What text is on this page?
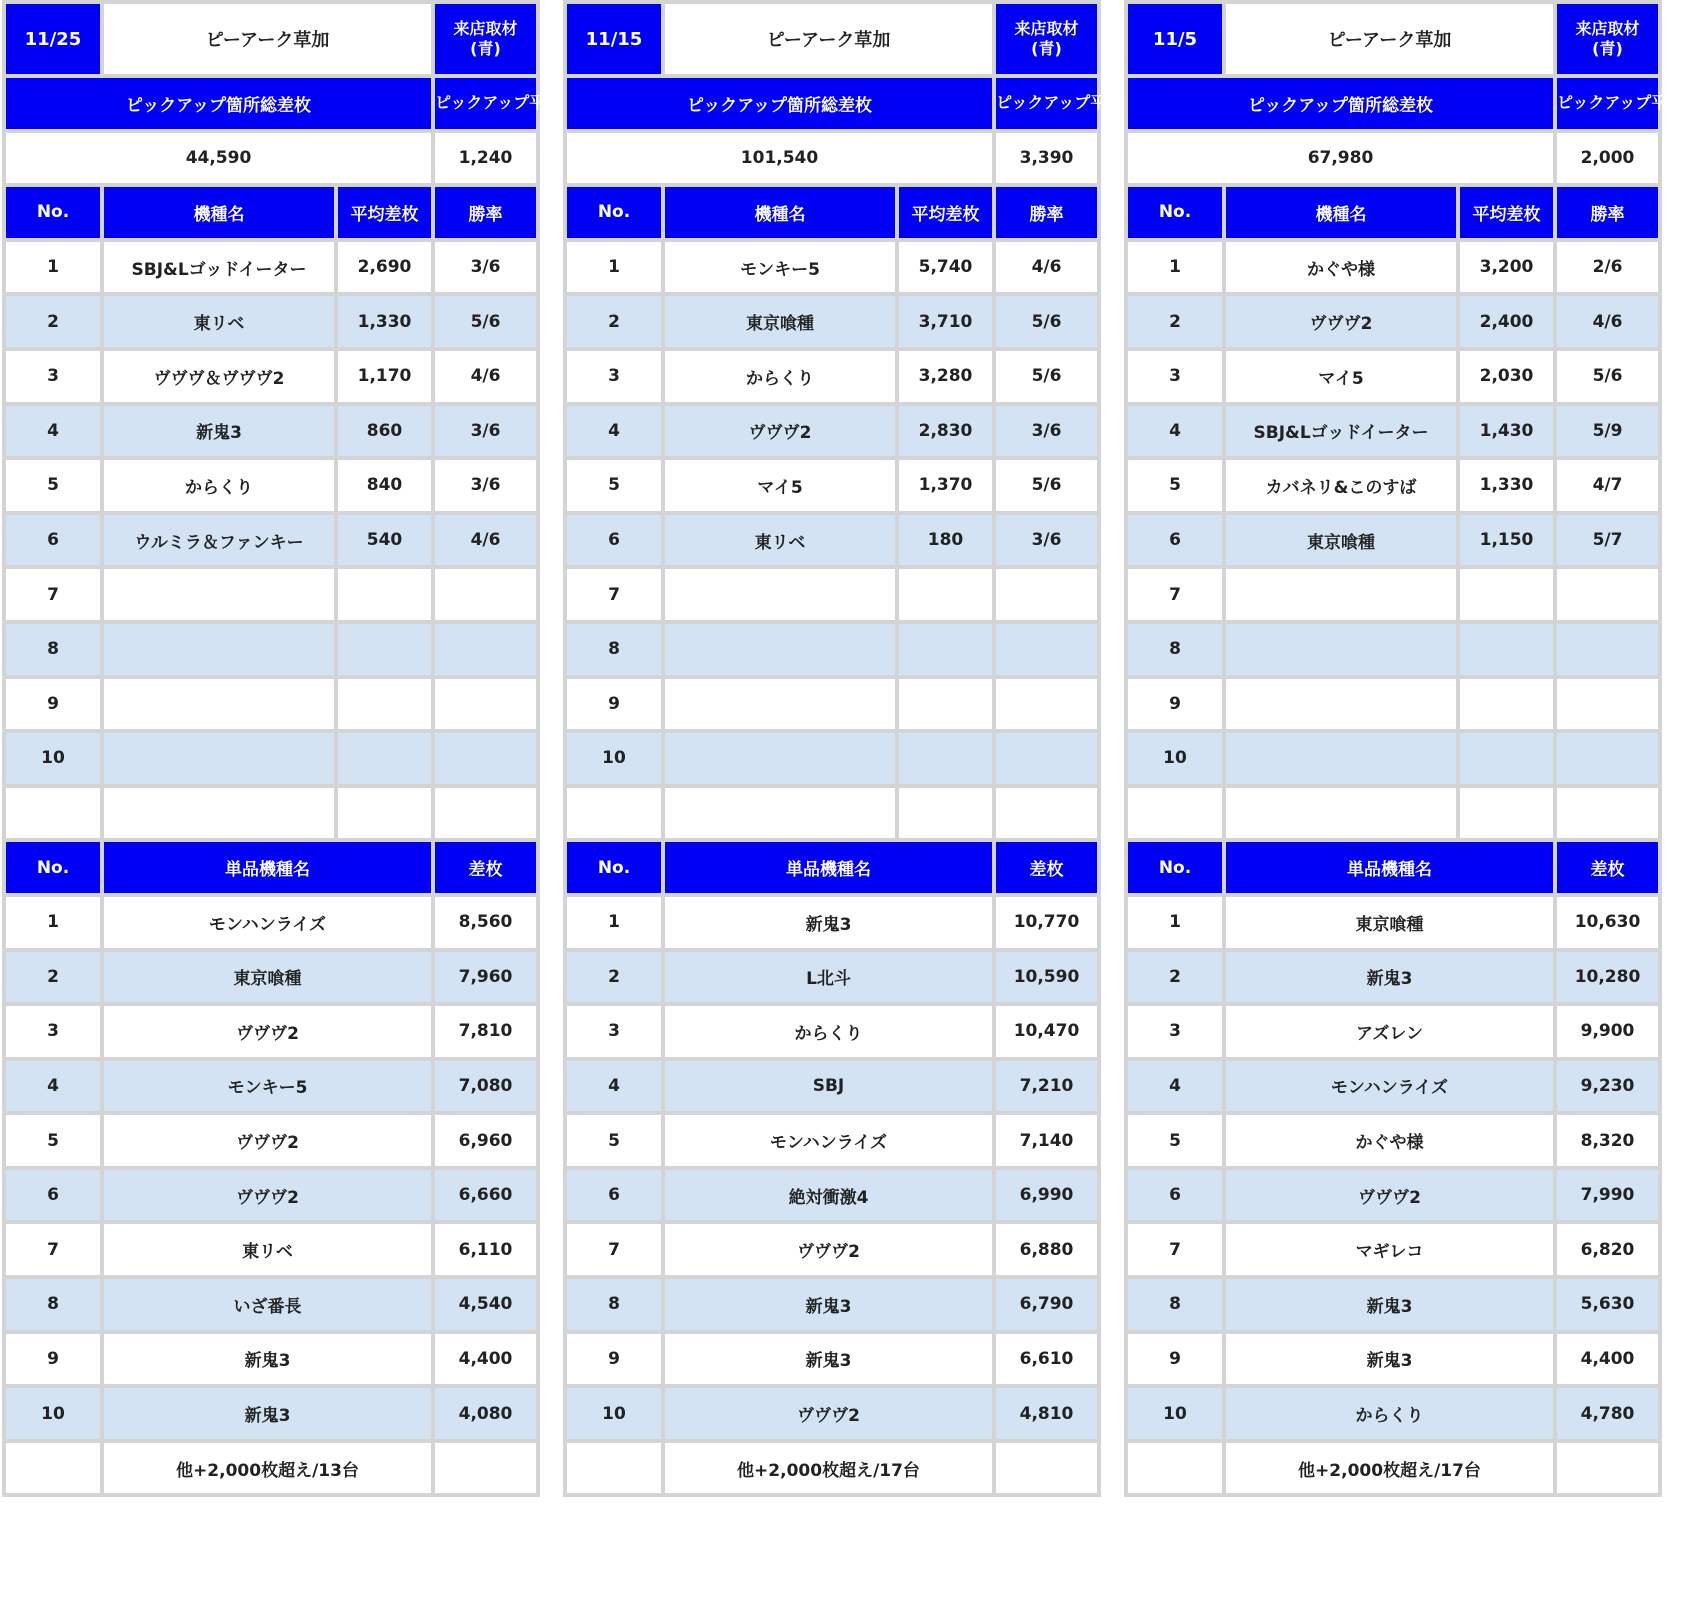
11/25	ピーアーク草加		来店取材
(青)
ピックアップ箇所総差枚			ピックアップ平均
44,590			1,240
No.	機種名	平均差枚	勝率
1	SBJ&Lゴッドイーター	2,690	3/6
2	東リベ	1,330	5/6
3	ヴヴヴ＆ヴヴヴ2	1,170	4/6
4	新鬼3	860	3/6
5	からくり	840	3/6
6	ウルミラ＆ファンキー	540	4/6
7			
8			
9			
10			

No.	単品機種名		差枚
1	モンハンライズ		8,560
2	東京喰種		7,960
3	ヴヴヴ2		7,810
4	モンキー5		7,080
5	ヴヴヴ2		6,960
6	ヴヴヴ2		6,660
7	東リベ		6,110
8	いざ番長		4,540
9	新鬼3		4,400
10	新鬼3		4,080
	他+2,000枚超え/13台		
11/15	ピーアーク草加		来店取材
(青)
ピックアップ箇所総差枚			ピックアップ平均
101,540			3,390
No.	機種名	平均差枚	勝率
1	モンキー5	5,740	4/6
2	東京喰種	3,710	5/6
3	からくり	3,280	5/6
4	ヴヴヴ2	2,830	3/6
5	マイ5	1,370	5/6
6	東リベ	180	3/6
7			
8			
9			
10			

No.	単品機種名		差枚
1	新鬼3		10,770
2	L北斗		10,590
3	からくり		10,470
4	SBJ		7,210
5	モンハンライズ		7,140
6	絶対衝激4		6,990
7	ヴヴヴ2		6,880
8	新鬼3		6,790
9	新鬼3		6,610
10	ヴヴヴ2		4,810
	他+2,000枚超え/17台		
11/5	ピーアーク草加		来店取材
(青)
ピックアップ箇所総差枚			ピックアップ平均
67,980			2,000
No.	機種名	平均差枚	勝率
1	かぐや様	3,200	2/6
2	ヴヴヴ2	2,400	4/6
3	マイ5	2,030	5/6
4	SBJ&Lゴッドイーター	1,430	5/9
5	カバネリ&このすば	1,330	4/7
6	東京喰種	1,150	5/7
7			
8			
9			
10			

No.	単品機種名		差枚
1	東京喰種		10,630
2	新鬼3		10,280
3	アズレン		9,900
4	モンハンライズ		9,230
5	かぐや様		8,320
6	ヴヴヴ2		7,990
7	マギレコ		6,820
8	新鬼3		5,630
9	新鬼3		4,400
10	からくり		4,780
	他+2,000枚超え/17台		
